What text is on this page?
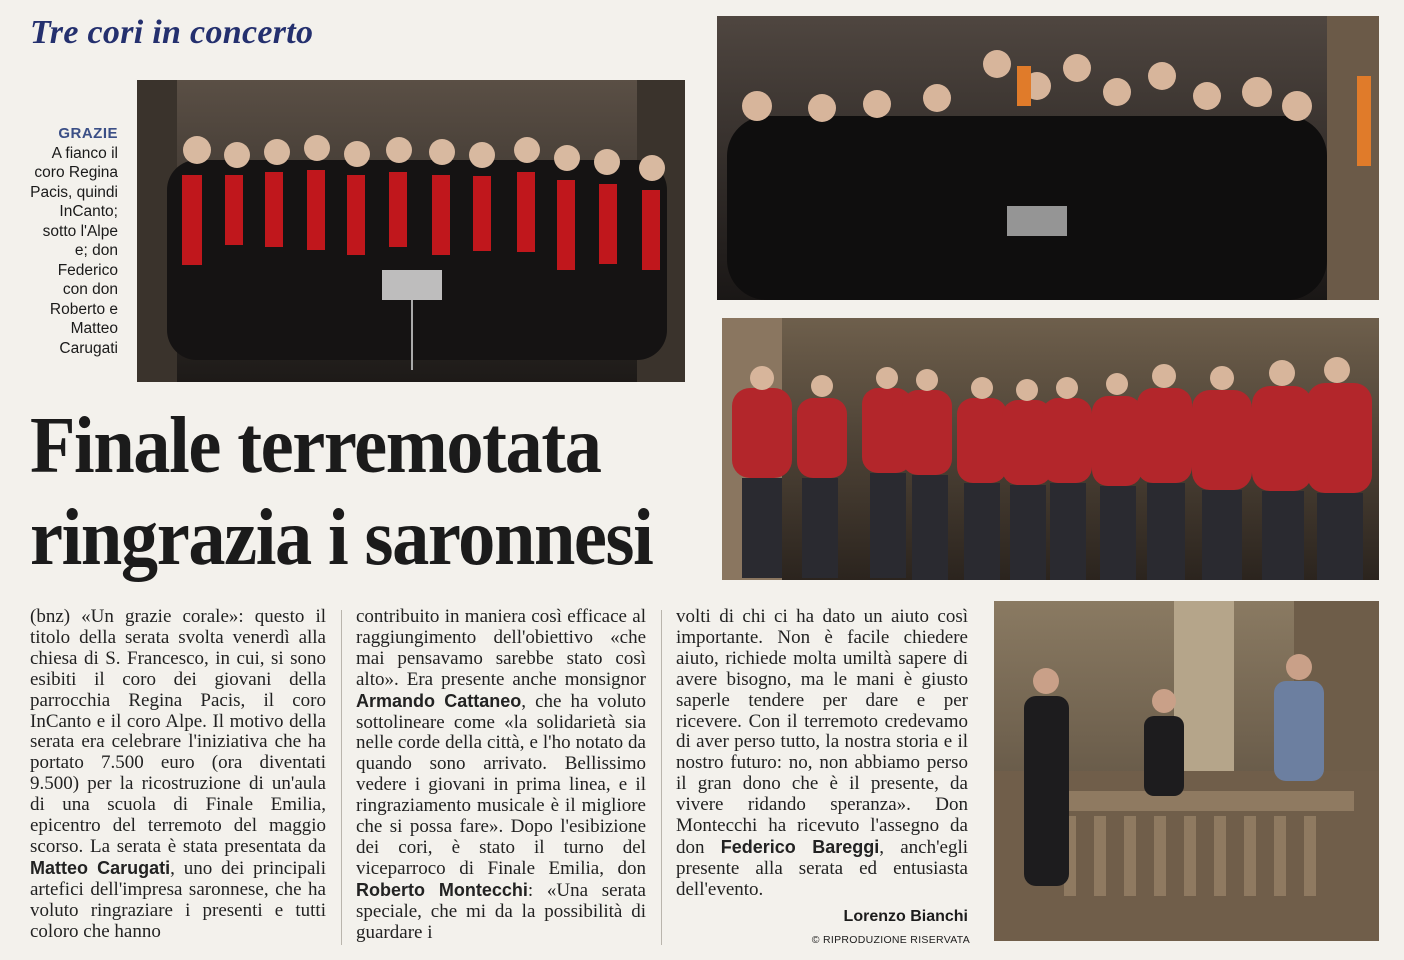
Tre cori in concerto
GRAZIE
A fianco il coro Regina Pacis, quindi InCanto; sotto l'Alpe e; don Federico con don Roberto e Matteo Carugati
Finale terremotata
ringrazia i saronnesi

(bnz) «Un grazie corale»: questo il titolo della serata svolta venerdì alla chiesa di S. Francesco, in cui, si sono esibiti il coro dei giovani della parrocchia Regina Pacis, il coro InCanto e il coro Alpe. Il motivo della serata era celebrare l'iniziativa che ha portato 7.500 euro (ora diventati 9.500) per la ricostruzione di un'aula di una scuola di Finale Emilia, epicentro del terremoto del maggio scorso. La serata è stata presentata da Matteo Carugati, uno dei principali artefici dell'impresa saronnese, che ha voluto ringraziare i presenti e tutti coloro che hanno

contribuito in maniera così efficace al raggiungimento dell'obiettivo «che mai pensavamo sarebbe stato così alto». Era presente anche monsignor Armando Cattaneo, che ha voluto sottolineare come «la solidarietà sia nelle corde della città, e l'ho notato da quando sono arrivato. Bellissimo vedere i giovani in prima linea, e il ringraziamento musicale è il migliore che si possa fare». Dopo l'esibizione dei cori, è stato il turno del viceparroco di Finale Emilia, don Roberto Montecchi: «Una serata speciale, che mi da la possibilità di guardare i

volti di chi ci ha dato un aiuto così importante. Non è facile chiedere aiuto, richiede molta umiltà sapere di avere bisogno, ma le mani è giusto saperle tendere per dare e per ricevere. Con il terremoto credevamo di aver perso tutto, la nostra storia e il nostro futuro: no, non abbiamo perso il gran dono che è il presente, da vivere ridando speranza». Don Montecchi ha ricevuto l'assegno da don Federico Bareggi, anch'egli presente alla serata ed entusiasta dell'evento.

Lorenzo Bianchi
© RIPRODUZIONE RISERVATA
